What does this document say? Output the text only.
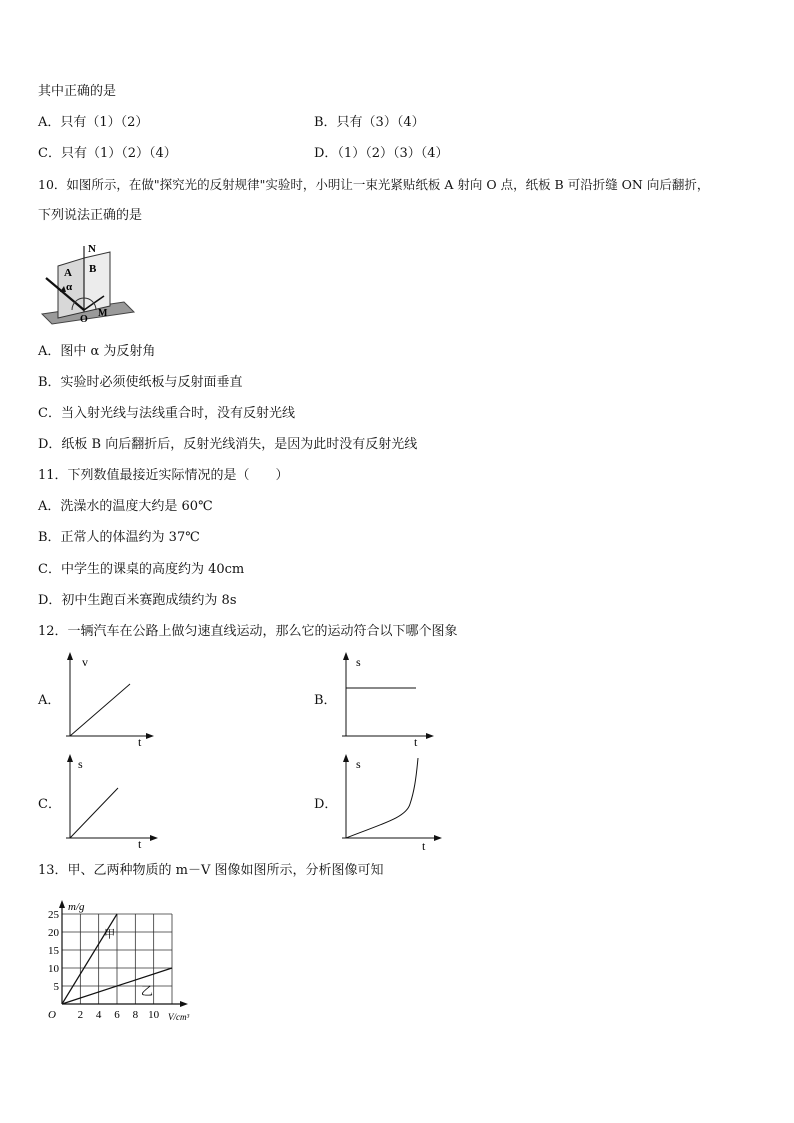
其中正确的是
A．只有（1）（2）	B．只有（3）（4）
C．只有（1）（2）（4）	D．（1）（2）（3）（4）
10．如图所示，在做"探究光的反射规律"实验时，小明让一束光紧贴纸板 A 射向 O 点，纸板 B 可沿折缝 ON 向后翻折，
下列说法正确的是
N
A B
α
O
M
A．图中 α 为反射角
B．实验时必须使纸板与反射面垂直
C．当入射光线与法线重合时，没有反射光线
D．纸板 B 向后翻折后，反射光线消失，是因为此时没有反射光线
11．下列数值最接近实际情况的是（　　）
A．洗澡水的温度大约是 60℃
B．正常人的体温约为 37℃
C．中学生的课桌的高度约为 40cm
D．初中生跑百米赛跑成绩约为 8s
12．一辆汽车在公路上做匀速直线运动，那么它的运动符合以下哪个图象
A．
v
t
B．
s
t
C．
s
t
D．
s
t
13．甲、乙两种物质的 m－V 图像如图所示，分析图像可知
甲
乙
2 4 6 8 10
5
10
15
20
25
O
m/g
V/cm³
